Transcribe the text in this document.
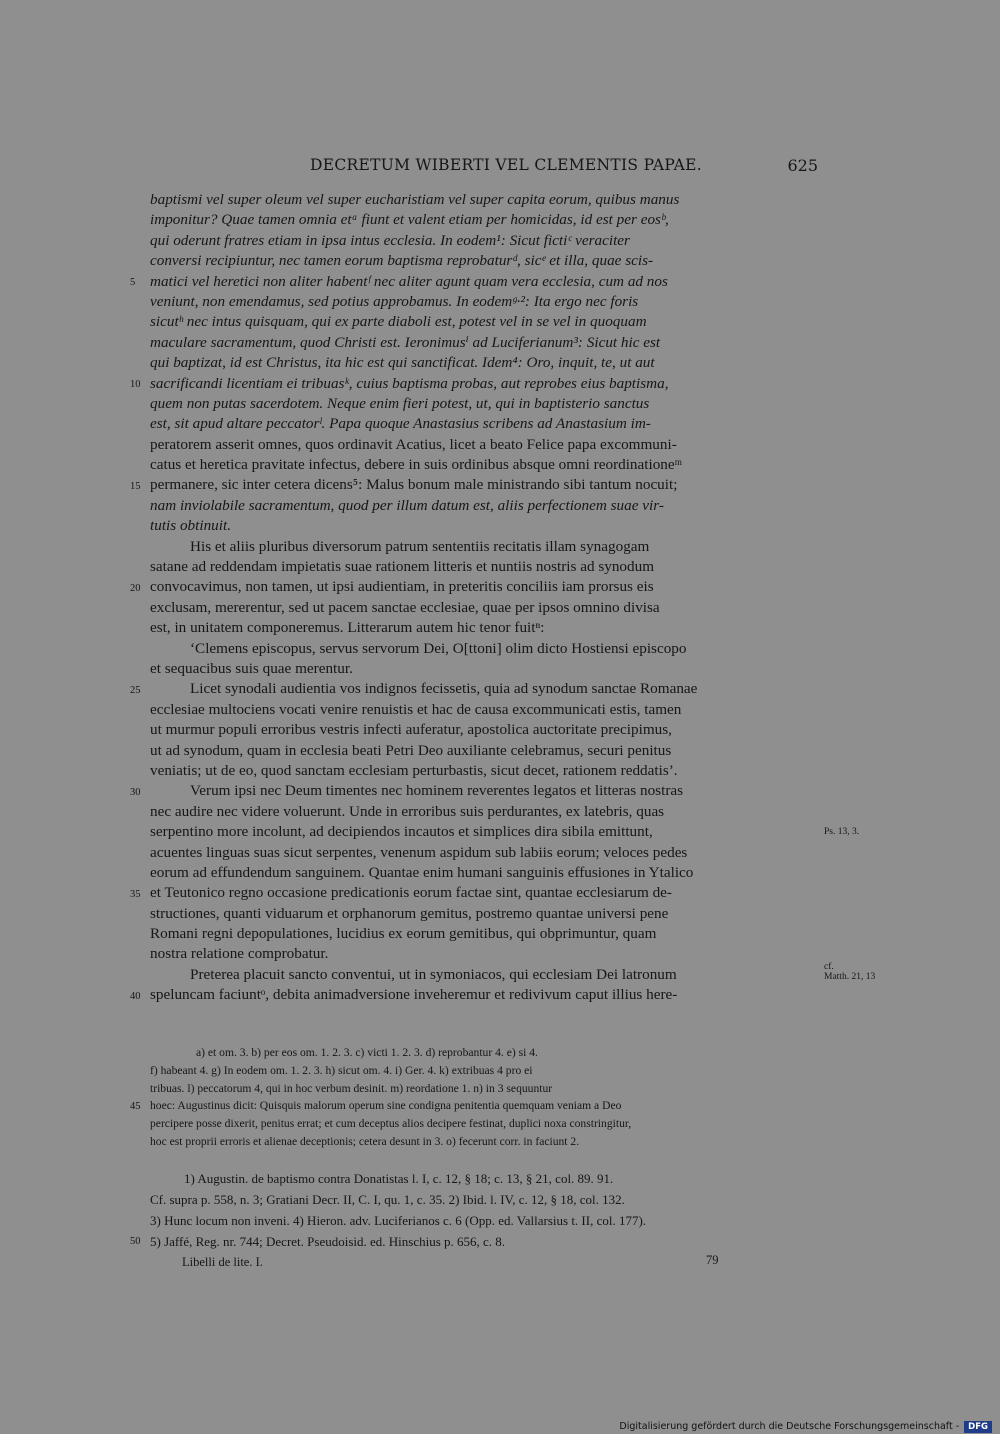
DECRETUM WIBERTI VEL CLEMENTIS PAPAE.	625
baptismi vel super oleum vel super eucharistiam vel super capita eorum, quibus manus
imponitur? Quae tamen omnia etᵃ fiunt et valent etiam per homicidas, id est per eosᵇ,
qui oderunt fratres etiam in ipsa intus ecclesia. In eodem¹: Sicut fictiᶜ veraciter
conversi recipiuntur, nec tamen eorum baptisma reprobaturᵈ, sicᵉ et illa, quae scis-
matici vel heretici non aliter habentᶠ nec aliter agunt quam vera ecclesia, cum ad nos
veniunt, non emendamus, sed potius approbamus. In eodemᵍ·²: Ita ergo nec foris
sicutʰ nec intus quisquam, qui ex parte diaboli est, potest vel in se vel in quoquam
maculare sacramentum, quod Christi est. Ieronimusⁱ ad Luciferianum³: Sicut hic est
qui baptizat, id est Christus, ita hic est qui sanctificat. Idem⁴: Oro, inquit, te, ut aut
sacrificandi licentiam ei tribuasᵏ, cuius baptisma probas, aut reprobes eius baptisma,
quem non putas sacerdotem. Neque enim fieri potest, ut, qui in baptisterio sanctus
est, sit apud altare peccatorˡ. Papa quoque Anastasius scribens ad Anastasium im-
peratorem asserit omnes, quos ordinavit Acatius, licet a beato Felice papa excommuni-
catus et heretica pravitate infectus, debere in suis ordinibus absque omni reordinationeᵐ
permanere, sic inter cetera dicens⁵: Malus bonum male ministrando sibi tantum nocuit;
nam inviolabile sacramentum, quod per illum datum est, aliis perfectionem suae vir-
tutis obtinuit.
His et aliis pluribus diversorum patrum sententiis recitatis illam synagogam
satane ad reddendam impietatis suae rationem litteris et nuntiis nostris ad synodum
convocavimus, non tamen, ut ipsi audientiam, in preteritis conciliis iam prorsus eis
exclusam, mererentur, sed ut pacem sanctae ecclesiae, quae per ipsos omnino divisa
est, in unitatem componeremus. Litterarum autem hic tenor fuitⁿ:
‘Clemens episcopus, servus servorum Dei, O[ttoni] olim dicto Hostiensi episcopo
et sequacibus suis quae merentur.
Licet synodali audientia vos indignos fecissetis, quia ad synodum sanctae Romanae
ecclesiae multociens vocati venire renuistis et hac de causa excommunicati estis, tamen
ut murmur populi erroribus vestris infecti auferatur, apostolica auctoritate precipimus,
ut ad synodum, quam in ecclesia beati Petri Deo auxiliante celebramus, securi penitus
veniatis; ut de eo, quod sanctam ecclesiam perturbastis, sicut decet, rationem reddatis’.
Verum ipsi nec Deum timentes nec hominem reverentes legatos et litteras nostras
nec audire nec videre voluerunt. Unde in erroribus suis perdurantes, ex latebris, quas
serpentino more incolunt, ad decipiendos incautos et simplices dira sibila emittunt,
acuentes linguas suas sicut serpentes, venenum aspidum sub labiis eorum; veloces pedes
eorum ad effundendum sanguinem. Quantae enim humani sanguinis effusiones in Ytalico
et Teutonico regno occasione predicationis eorum factae sint, quantae ecclesiarum de-
structiones, quanti viduarum et orphanorum gemitus, postremo quantae universi pene
Romani regni depopulationes, lucidius ex eorum gemitibus, qui obprimuntur, quam
nostra relatione comprobatur.
Preterea placuit sancto conventui, ut in symoniacos, qui ecclesiam Dei latronum
speluncam faciuntᵒ, debita animadversione inveheremur et redivivum caput illius here-
5
10
15
20
25
30
35
40
45
50
Ps. 13, 3.
cf.
Matth. 21, 13
a) et om. 3. b) per eos om. 1. 2. 3. c) victi 1. 2. 3. d) reprobantur 4. e) si 4.
f) habeant 4. g) In eodem om. 1. 2. 3. h) sicut om. 4. i) Ger. 4. k) extribuas 4 pro ei
tribuas. l) peccatorum 4, qui in hoc verbum desinit. m) reordatione 1. n) in 3 sequuntur
hoec: Augustinus dicit: Quisquis malorum operum sine condigna penitentia quemquam veniam a Deo
percipere posse dixerit, penitus errat; et cum deceptus alios decipere festinat, duplici noxa constringitur,
hoc est proprii erroris et alienae deceptionis; cetera desunt in 3. o) fecerunt corr. in faciunt 2.
1) Augustin. de baptismo contra Donatistas l. I, c. 12, § 18; c. 13, § 21, col. 89. 91.
Cf. supra p. 558, n. 3; Gratiani Decr. II, C. I, qu. 1, c. 35. 2) Ibid. l. IV, c. 12, § 18, col. 132.
3) Hunc locum non inveni. 4) Hieron. adv. Luciferianos c. 6 (Opp. ed. Vallarsius t. II, col. 177).
5) Jaffé, Reg. nr. 744; Decret. Pseudoisid. ed. Hinschius p. 656, c. 8.
Libelli de lite. I.	79
Digitalisierung gefördert durch die Deutsche Forschungsgemeinschaft -	DFG
